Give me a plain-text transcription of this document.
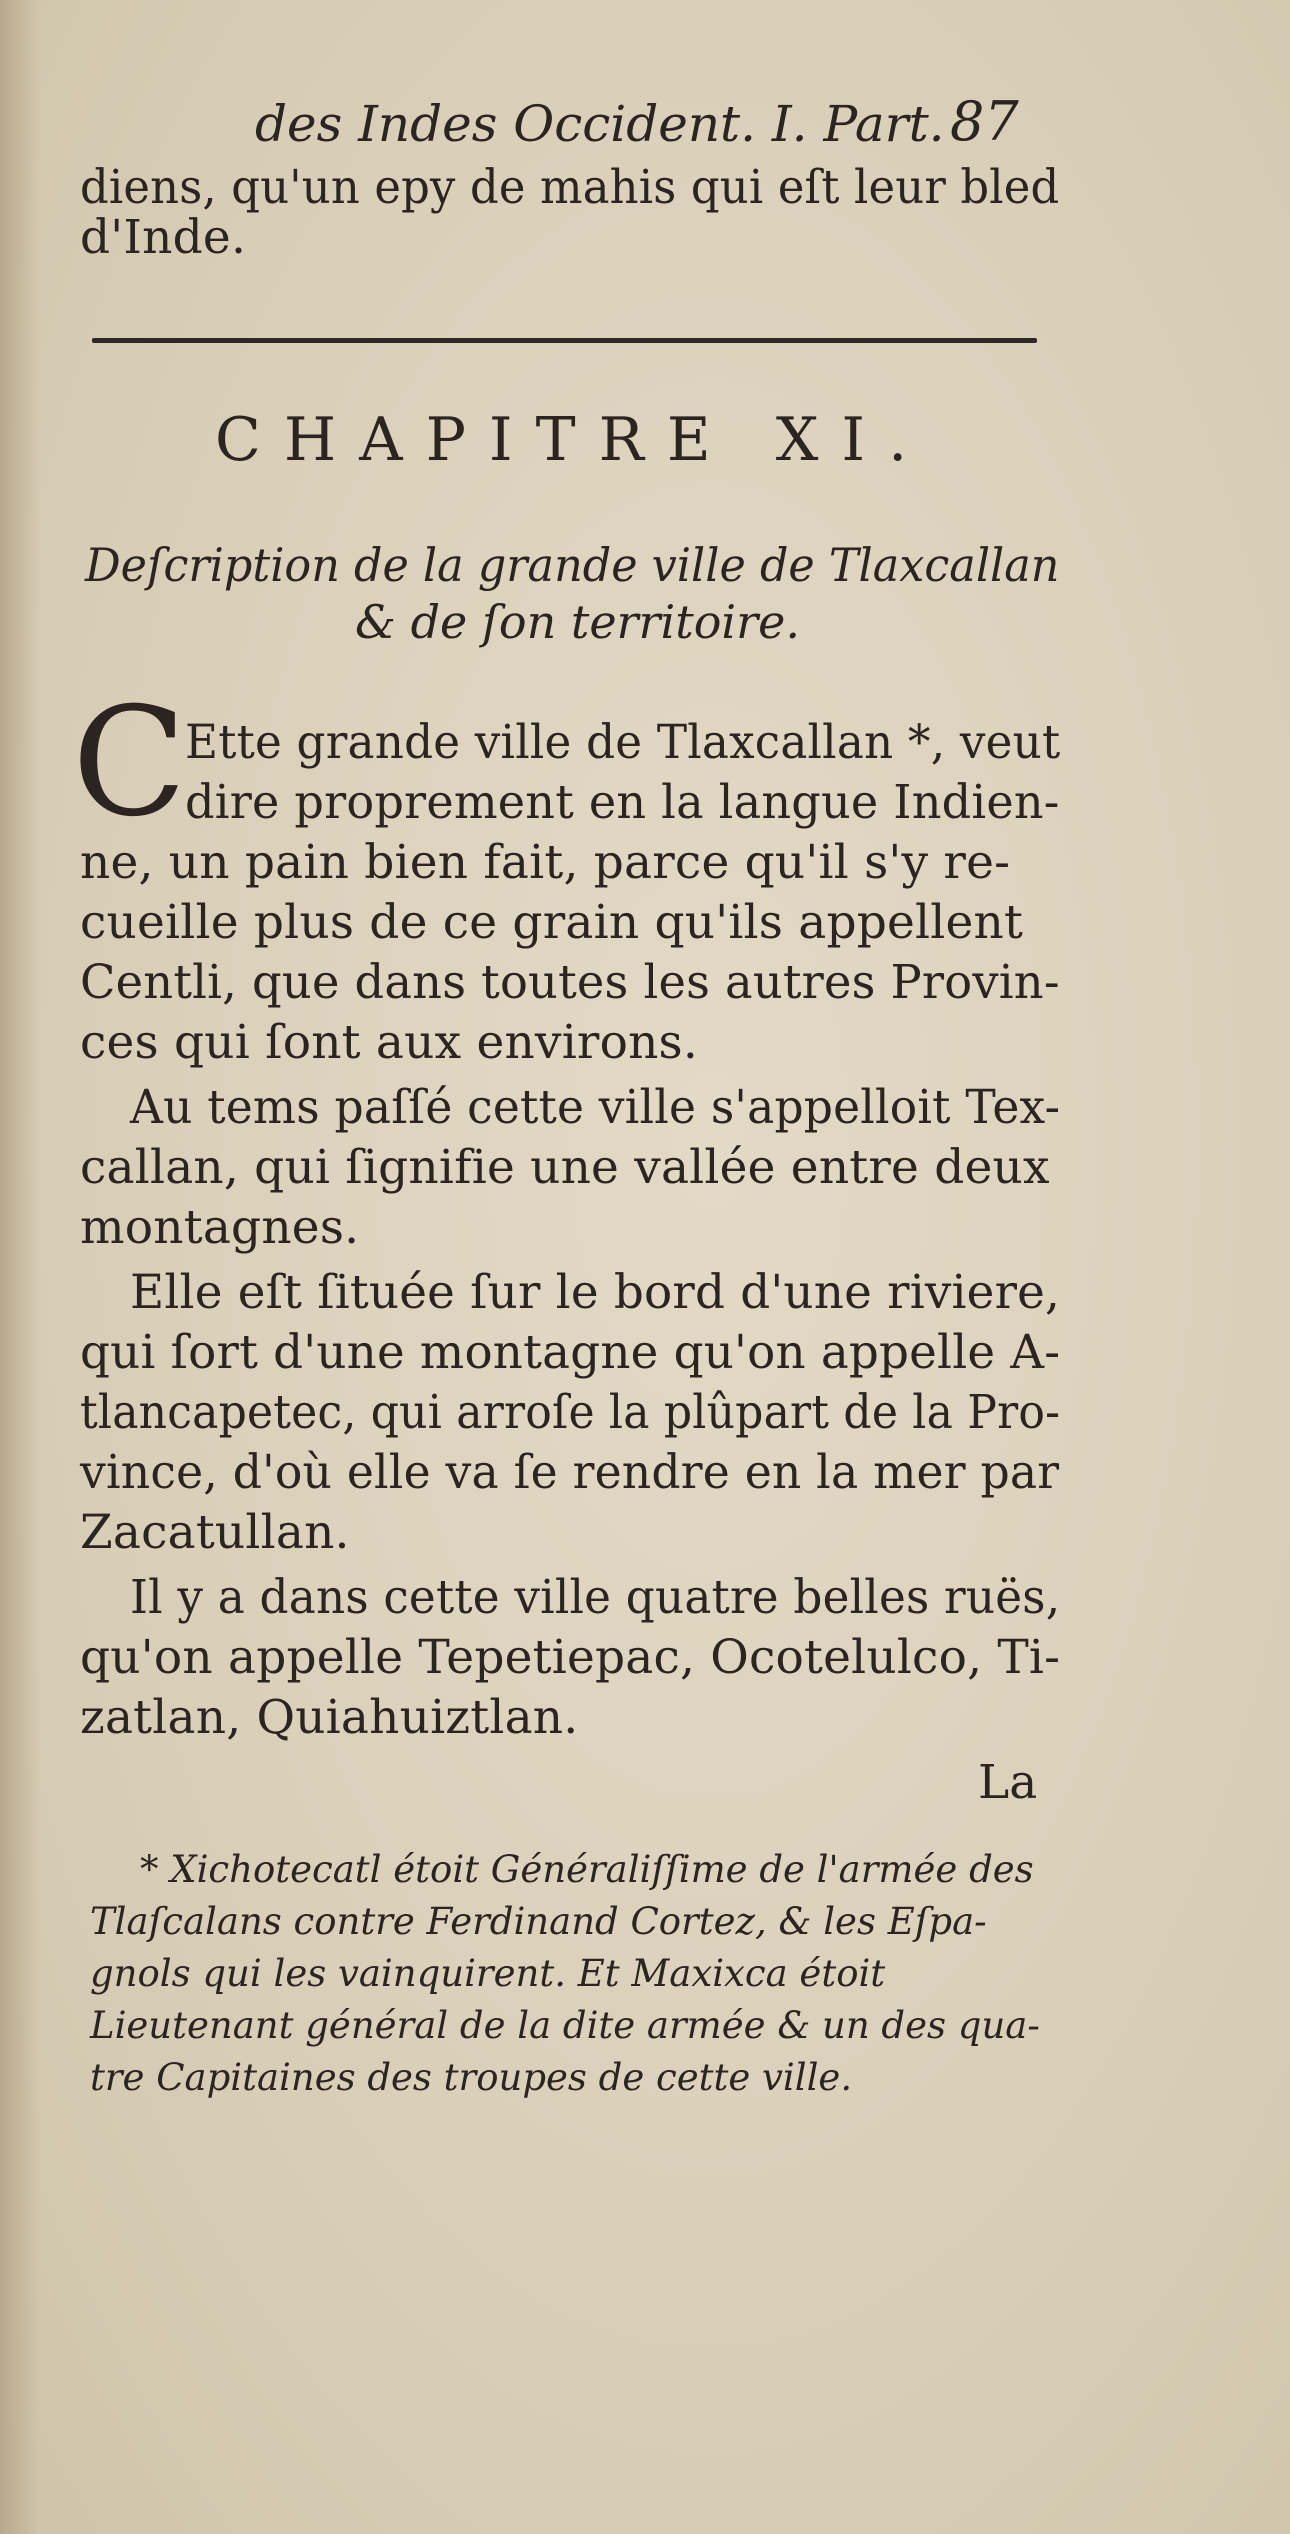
des Indes Occident. I. Part. 87
diens, qu'un epy de mahis qui eſt leur bled
d'Inde.
CHAPITRE XI.
Deſcription de la grande ville de Tlaxcallan
& de ſon territoire.
C
Ette grande ville de Tlaxcallan *, veut
dire proprement en la langue Indien-
ne, un pain bien fait, parce qu'il s'y re-
cueille plus de ce grain qu'ils appellent
Centli, que dans toutes les autres Provin-
ces qui ſont aux environs.
Au tems paſſé cette ville s'appelloit Tex-
callan, qui ſignifie une vallée entre deux
montagnes.
Elle eſt ſituée ſur le bord d'une riviere,
qui ſort d'une montagne qu'on appelle A-
tlancapetec, qui arroſe la plûpart de la Pro-
vince, d'où elle va ſe rendre en la mer par
Zacatullan.
Il y a dans cette ville quatre belles ruës,
qu'on appelle Tepetiepac, Ocotelulco, Ti-
zatlan, Quiahuiztlan.
La
* Xichotecatl étoit Généraliſſime de l'armée des
Tlaſcalans contre Ferdinand Cortez, & les Eſpa-
gnols qui les vainquirent. Et Maxixca étoit
Lieutenant général de la dite armée & un des qua-
tre Capitaines des troupes de cette ville.
